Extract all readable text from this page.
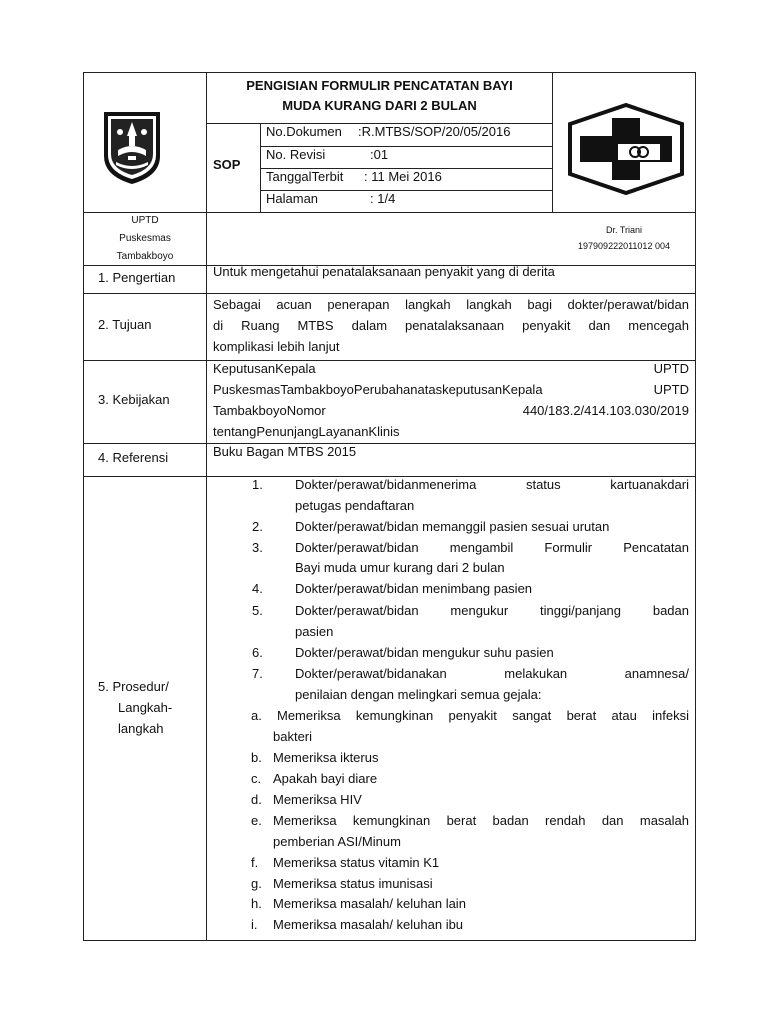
PENGISIAN FORMULIR PENCATATAN BAYI
MUDA KURANG DARI 2 BULAN
SOP
No.Dokumen :R.MTBS/SOP/20/05/2016
No. Revisi	:01
TanggalTerbit : 11 Mei 2016
Halaman	: 1/4
UPTD
Puskesmas
Tambakboyo
Dr. Triani
197909222011012 004
1. Pengertian	Untuk mengetahui penatalaksanaan penyakit yang di derita
2. Tujuan
Sebagai acuan penerapan langkah langkah bagi dokter/perawat/bidan
di Ruang MTBS dalam penatalaksanaan penyakit dan mencegah
komplikasi lebih lanjut
3. Kebijakan
KeputusanKepala	UPTD
PuskesmasTambakboyoPerubahanataskeputusanKepala	UPTD
TambakboyoNomor	440/183.2/414.103.030/2019
tentangPenunjangLayananKlinis
4. Referensi	Buku Bagan MTBS 2015
5. Prosedur/
Langkah-
langkah
1. Dokter/perawat/bidanmenerima	status	kartuanakdari
petugas pendaftaran
2. Dokter/perawat/bidan memanggil pasien sesuai urutan
3. Dokter/perawat/bidan mengambil Formulir Pencatatan
Bayi muda umur kurang dari 2 bulan
4. Dokter/perawat/bidan menimbang pasien
5. Dokter/perawat/bidan mengukur tinggi/panjang badan
pasien
6. Dokter/perawat/bidan mengukur suhu pasien
7. Dokter/perawat/bidanakan	melakukan	anamnesa/
penilaian dengan melingkari semua gejala:
a. Memeriksa kemungkinan penyakit sangat berat atau infeksi
bakteri
b. Memeriksa ikterus
c. Apakah bayi diare
d. Memeriksa HIV
e. Memeriksa kemungkinan berat badan rendah dan masalah
pemberian ASI/Minum
f. Memeriksa status vitamin K1
g. Memeriksa status imunisasi
h. Memeriksa masalah/ keluhan lain
i. Memeriksa masalah/ keluhan ibu
